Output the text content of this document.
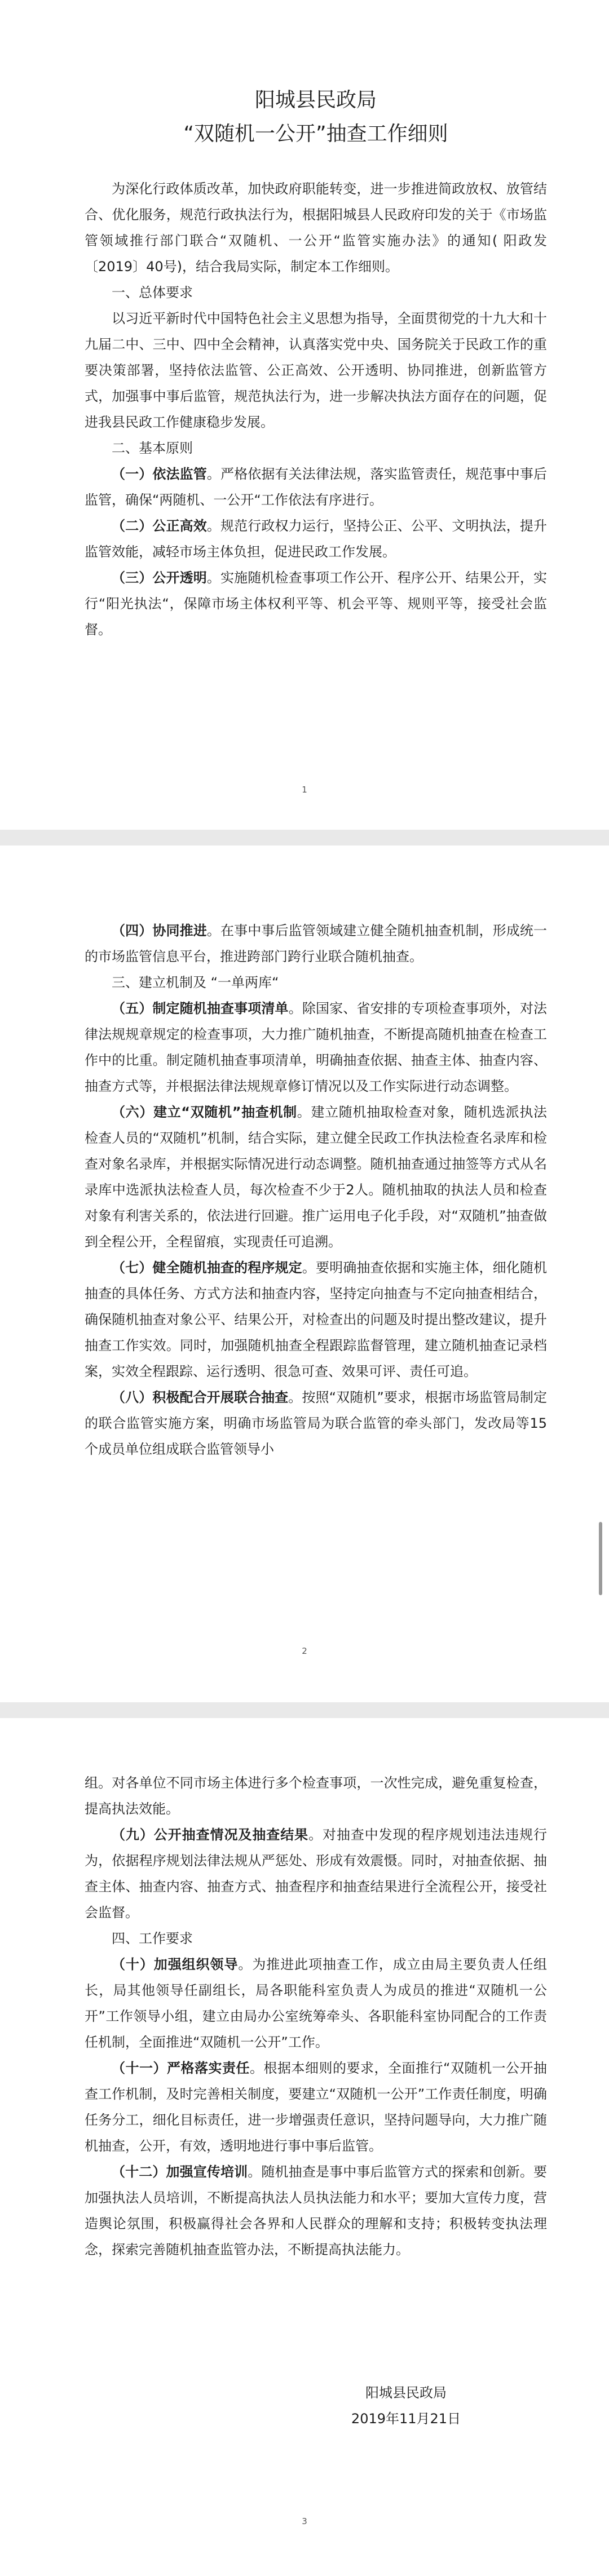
阳城县民政局
“双随机一公开”抽查工作细则

为深化行政体质改革，加快政府职能转变，进一步推进简政放权、放管结合、优化服务，规范行政执法行为，根据阳城县人民政府印发的关于《市场监管领域推行部门联合“双随机、一公开“监管实施办法》的通知( 阳政发〔2019〕40号)，结合我局实际，制定本工作细则。

一、总体要求

以习近平新时代中国特色社会主义思想为指导，全面贯彻党的十九大和十九届二中、三中、四中全会精神，认真落实党中央、国务院关于民政工作的重要决策部署，坚持依法监管、公正高效、公开透明、协同推进，创新监管方式，加强事中事后监管，规范执法行为，进一步解决执法方面存在的问题，促进我县民政工作健康稳步发展。

二、基本原则

（一）依法监管。严格依据有关法律法规，落实监管责任，规范事中事后监管，确保“两随机、一公开“工作依法有序进行。

（二）公正高效。规范行政权力运行，坚持公正、公平、文明执法，提升监管效能，减轻市场主体负担，促进民政工作发展。

（三）公开透明。实施随机检查事项工作公开、程序公开、结果公开，实行“阳光执法“，保障市场主体权利平等、机会平等、规则平等，接受社会监督。

1

（四）协同推进。在事中事后监管领域建立健全随机抽查机制，形成统一的市场监管信息平台，推进跨部门跨行业联合随机抽查。

三、建立机制及 “一单两库“

（五）制定随机抽查事项清单。除国家、省安排的专项检查事项外，对法律法规规章规定的检查事项，大力推广随机抽查，不断提高随机抽查在检查工作中的比重。制定随机抽查事项清单，明确抽查依据、抽查主体、抽查内容、抽查方式等，并根据法律法规规章修订情况以及工作实际进行动态调整。

（六）建立“双随机”抽查机制。建立随机抽取检查对象，随机选派执法检查人员的“双随机”机制，结合实际，建立健全民政工作执法检查名录库和检查对象名录库，并根据实际情况进行动态调整。随机抽查通过抽签等方式从名录库中选派执法检查人员，每次检查不少于2人。随机抽取的执法人员和检查对象有利害关系的，依法进行回避。推广运用电子化手段，对“双随机”抽查做到全程公开，全程留痕，实现责任可追溯。

（七）健全随机抽查的程序规定。要明确抽查依据和实施主体，细化随机抽查的具体任务、方式方法和抽查内容，坚持定向抽查与不定向抽查相结合，确保随机抽查对象公平、结果公开，对检查出的问题及时提出整改建议，提升抽查工作实效。同时，加强随机抽查全程跟踪监督管理，建立随机抽查记录档案，实效全程跟踪、运行透明、很急可查、效果可评、责任可追。

（八）积极配合开展联合抽查。按照“双随机”要求，根据市场监管局制定的联合监管实施方案，明确市场监管局为联合监管的牵头部门，发改局等15个成员单位组成联合监管领导小

2

组。对各单位不同市场主体进行多个检查事项，一次性完成，避免重复检查，提高执法效能。

（九）公开抽查情况及抽查结果。对抽查中发现的程序规划违法违规行为，依据程序规划法律法规从严惩处、形成有效震慑。同时，对抽查依据、抽查主体、抽查内容、抽查方式、抽查程序和抽查结果进行全流程公开，接受社会监督。

四、工作要求

（十）加强组织领导。为推进此项抽查工作，成立由局主要负责人任组长，局其他领导任副组长，局各职能科室负责人为成员的推进“双随机一公开”工作领导小组，建立由局办公室统筹牵头、各职能科室协同配合的工作责任机制，全面推进“双随机一公开”工作。

（十一）严格落实责任。根据本细则的要求，全面推行“双随机一公开抽查工作机制，及时完善相关制度，要建立“双随机一公开”工作责任制度，明确任务分工，细化目标责任，进一步增强责任意识，坚持问题导向，大力推广随机抽查，公开，有效，透明地进行事中事后监管。

（十二）加强宣传培训。随机抽查是事中事后监管方式的探索和创新。要加强执法人员培训，不断提高执法人员执法能力和水平；要加大宣传力度，营造舆论氛围，积极赢得社会各界和人民群众的理解和支持；积极转变执法理念，探索完善随机抽查监管办法，不断提高执法能力。

阳城县民政局
2019年11月21日
3
